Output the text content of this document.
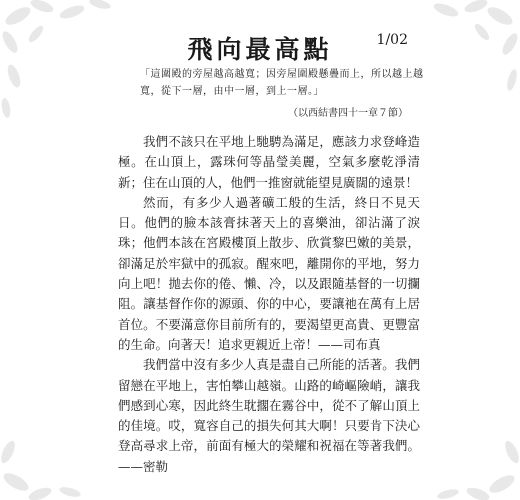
飛向最高點	1/02
「這圍殿的旁屋越高越寬；因旁屋圍殿懸疊而上，所以越上越寬，從下一層，由中一層，到上一層。」
（以西結書四十一章７節）

我們不該只在平地上馳騁為滿足，應該力求登峰造極。在山頂上，露珠何等晶瑩美麗，空氣多麼乾淨清新；住在山頂的人，他們一推窗就能望見廣闊的遠景！

然而，有多少人過著礦工般的生活，終日不見天日。他們的臉本該膏抹著天上的喜樂油，卻沾滿了淚珠；他們本該在宮殿樓頂上散步、欣賞黎巴嫩的美景，卻滿足於牢獄中的孤寂。醒來吧，離開你的平地，努力向上吧！拋去你的倦、懶、冷，以及跟隨基督的一切攔阻。讓基督作你的源頭、你的中心，要讓祂在萬有上居首位。不要滿意你目前所有的，要渴望更高貴、更豐富的生命。向著天！追求更親近上帝！——司布真

我們當中沒有多少人真是盡自己所能的活著。我們留戀在平地上，害怕攀山越嶺。山路的崎嶇險峭，讓我們感到心寒，因此終生耽擱在霧谷中，從不了解山頂上的佳境。哎，寬容自己的損失何其大啊！只要肯下決心登高尋求上帝，前面有極大的榮耀和祝福在等著我們。——密勒
